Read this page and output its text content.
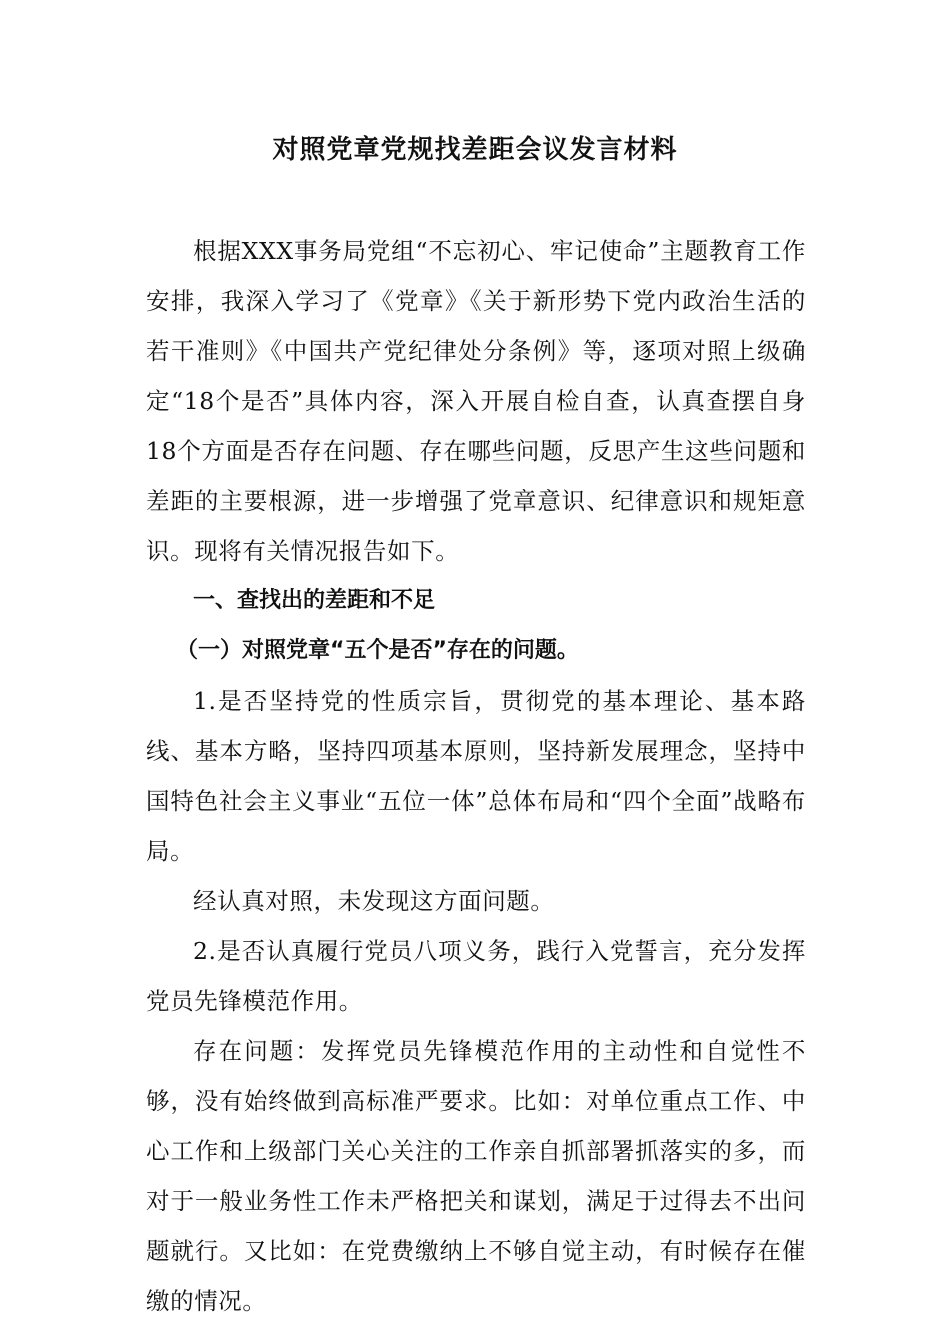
对照党章党规找差距会议发言材料

根据XXX事务局党组“不忘初心、牢记使命”主题教育工作安排，我深入学习了《党章》《关于新形势下党内政治生活的若干准则》《中国共产党纪律处分条例》等，逐项对照上级确定“18个是否”具体内容，深入开展自检自查，认真查摆自身18个方面是否存在问题、存在哪些问题，反思产生这些问题和差距的主要根源，进一步增强了党章意识、纪律意识和规矩意识。现将有关情况报告如下。

一、查找出的差距和不足

（一）对照党章“五个是否”存在的问题。

1.是否坚持党的性质宗旨，贯彻党的基本理论、基本路线、基本方略，坚持四项基本原则，坚持新发展理念，坚持中国特色社会主义事业“五位一体”总体布局和“四个全面”战略布局。

经认真对照，未发现这方面问题。

2.是否认真履行党员八项义务，践行入党誓言，充分发挥党员先锋模范作用。

存在问题：发挥党员先锋模范作用的主动性和自觉性不够，没有始终做到高标准严要求。比如：对单位重点工作、中心工作和上级部门关心关注的工作亲自抓部署抓落实的多，而对于一般业务性工作未严格把关和谋划，满足于过得去不出问题就行。又比如：在党费缴纳上不够自觉主动，有时候存在催缴的情况。
